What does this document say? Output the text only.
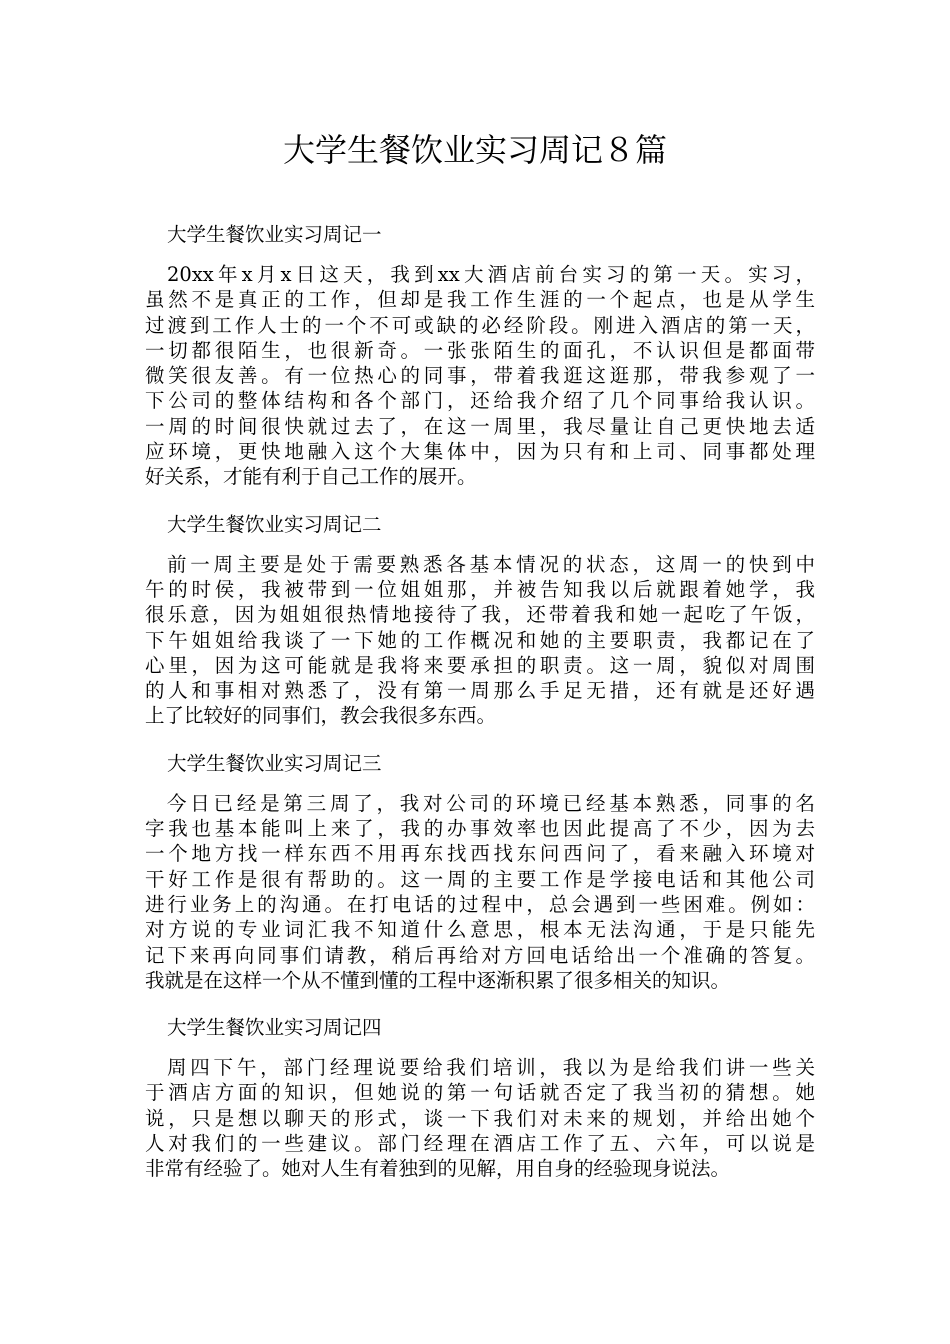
大学生餐饮业实习周记８篇
大学生餐饮业实习周记一

20xx年x月x日这天，我到xx大酒店前台实习的第一天。实习，
虽然不是真正的工作，但却是我工作生涯的一个起点，也是从学生
过渡到工作人士的一个不可或缺的必经阶段。刚进入酒店的第一天，
一切都很陌生，也很新奇。一张张陌生的面孔，不认识但是都面带
微笑很友善。有一位热心的同事，带着我逛这逛那，带我参观了一
下公司的整体结构和各个部门，还给我介绍了几个同事给我认识。
一周的时间很快就过去了，在这一周里，我尽量让自己更快地去适
应环境，更快地融入这个大集体中，因为只有和上司、同事都处理
好关系，才能有利于自己工作的展开。

大学生餐饮业实习周记二

前一周主要是处于需要熟悉各基本情况的状态，这周一的快到中
午的时侯，我被带到一位姐姐那，并被告知我以后就跟着她学，我
很乐意，因为姐姐很热情地接待了我，还带着我和她一起吃了午饭，
下午姐姐给我谈了一下她的工作概况和她的主要职责，我都记在了
心里，因为这可能就是我将来要承担的职责。这一周，貌似对周围
的人和事相对熟悉了，没有第一周那么手足无措，还有就是还好遇
上了比较好的同事们，教会我很多东西。

大学生餐饮业实习周记三

今日已经是第三周了，我对公司的环境已经基本熟悉，同事的名
字我也基本能叫上来了，我的办事效率也因此提高了不少，因为去
一个地方找一样东西不用再东找西找东问西问了，看来融入环境对
干好工作是很有帮助的。这一周的主要工作是学接电话和其他公司
进行业务上的沟通。在打电话的过程中，总会遇到一些困难。例如：
对方说的专业词汇我不知道什么意思，根本无法沟通，于是只能先
记下来再向同事们请教，稍后再给对方回电话给出一个准确的答复。
我就是在这样一个从不懂到懂的工程中逐渐积累了很多相关的知识。

大学生餐饮业实习周记四

周四下午，部门经理说要给我们培训，我以为是给我们讲一些关
于酒店方面的知识，但她说的第一句话就否定了我当初的猜想。她
说，只是想以聊天的形式，谈一下我们对未来的规划，并给出她个
人对我们的一些建议。部门经理在酒店工作了五、六年，可以说是
非常有经验了。她对人生有着独到的见解，用自身的经验现身说法。
